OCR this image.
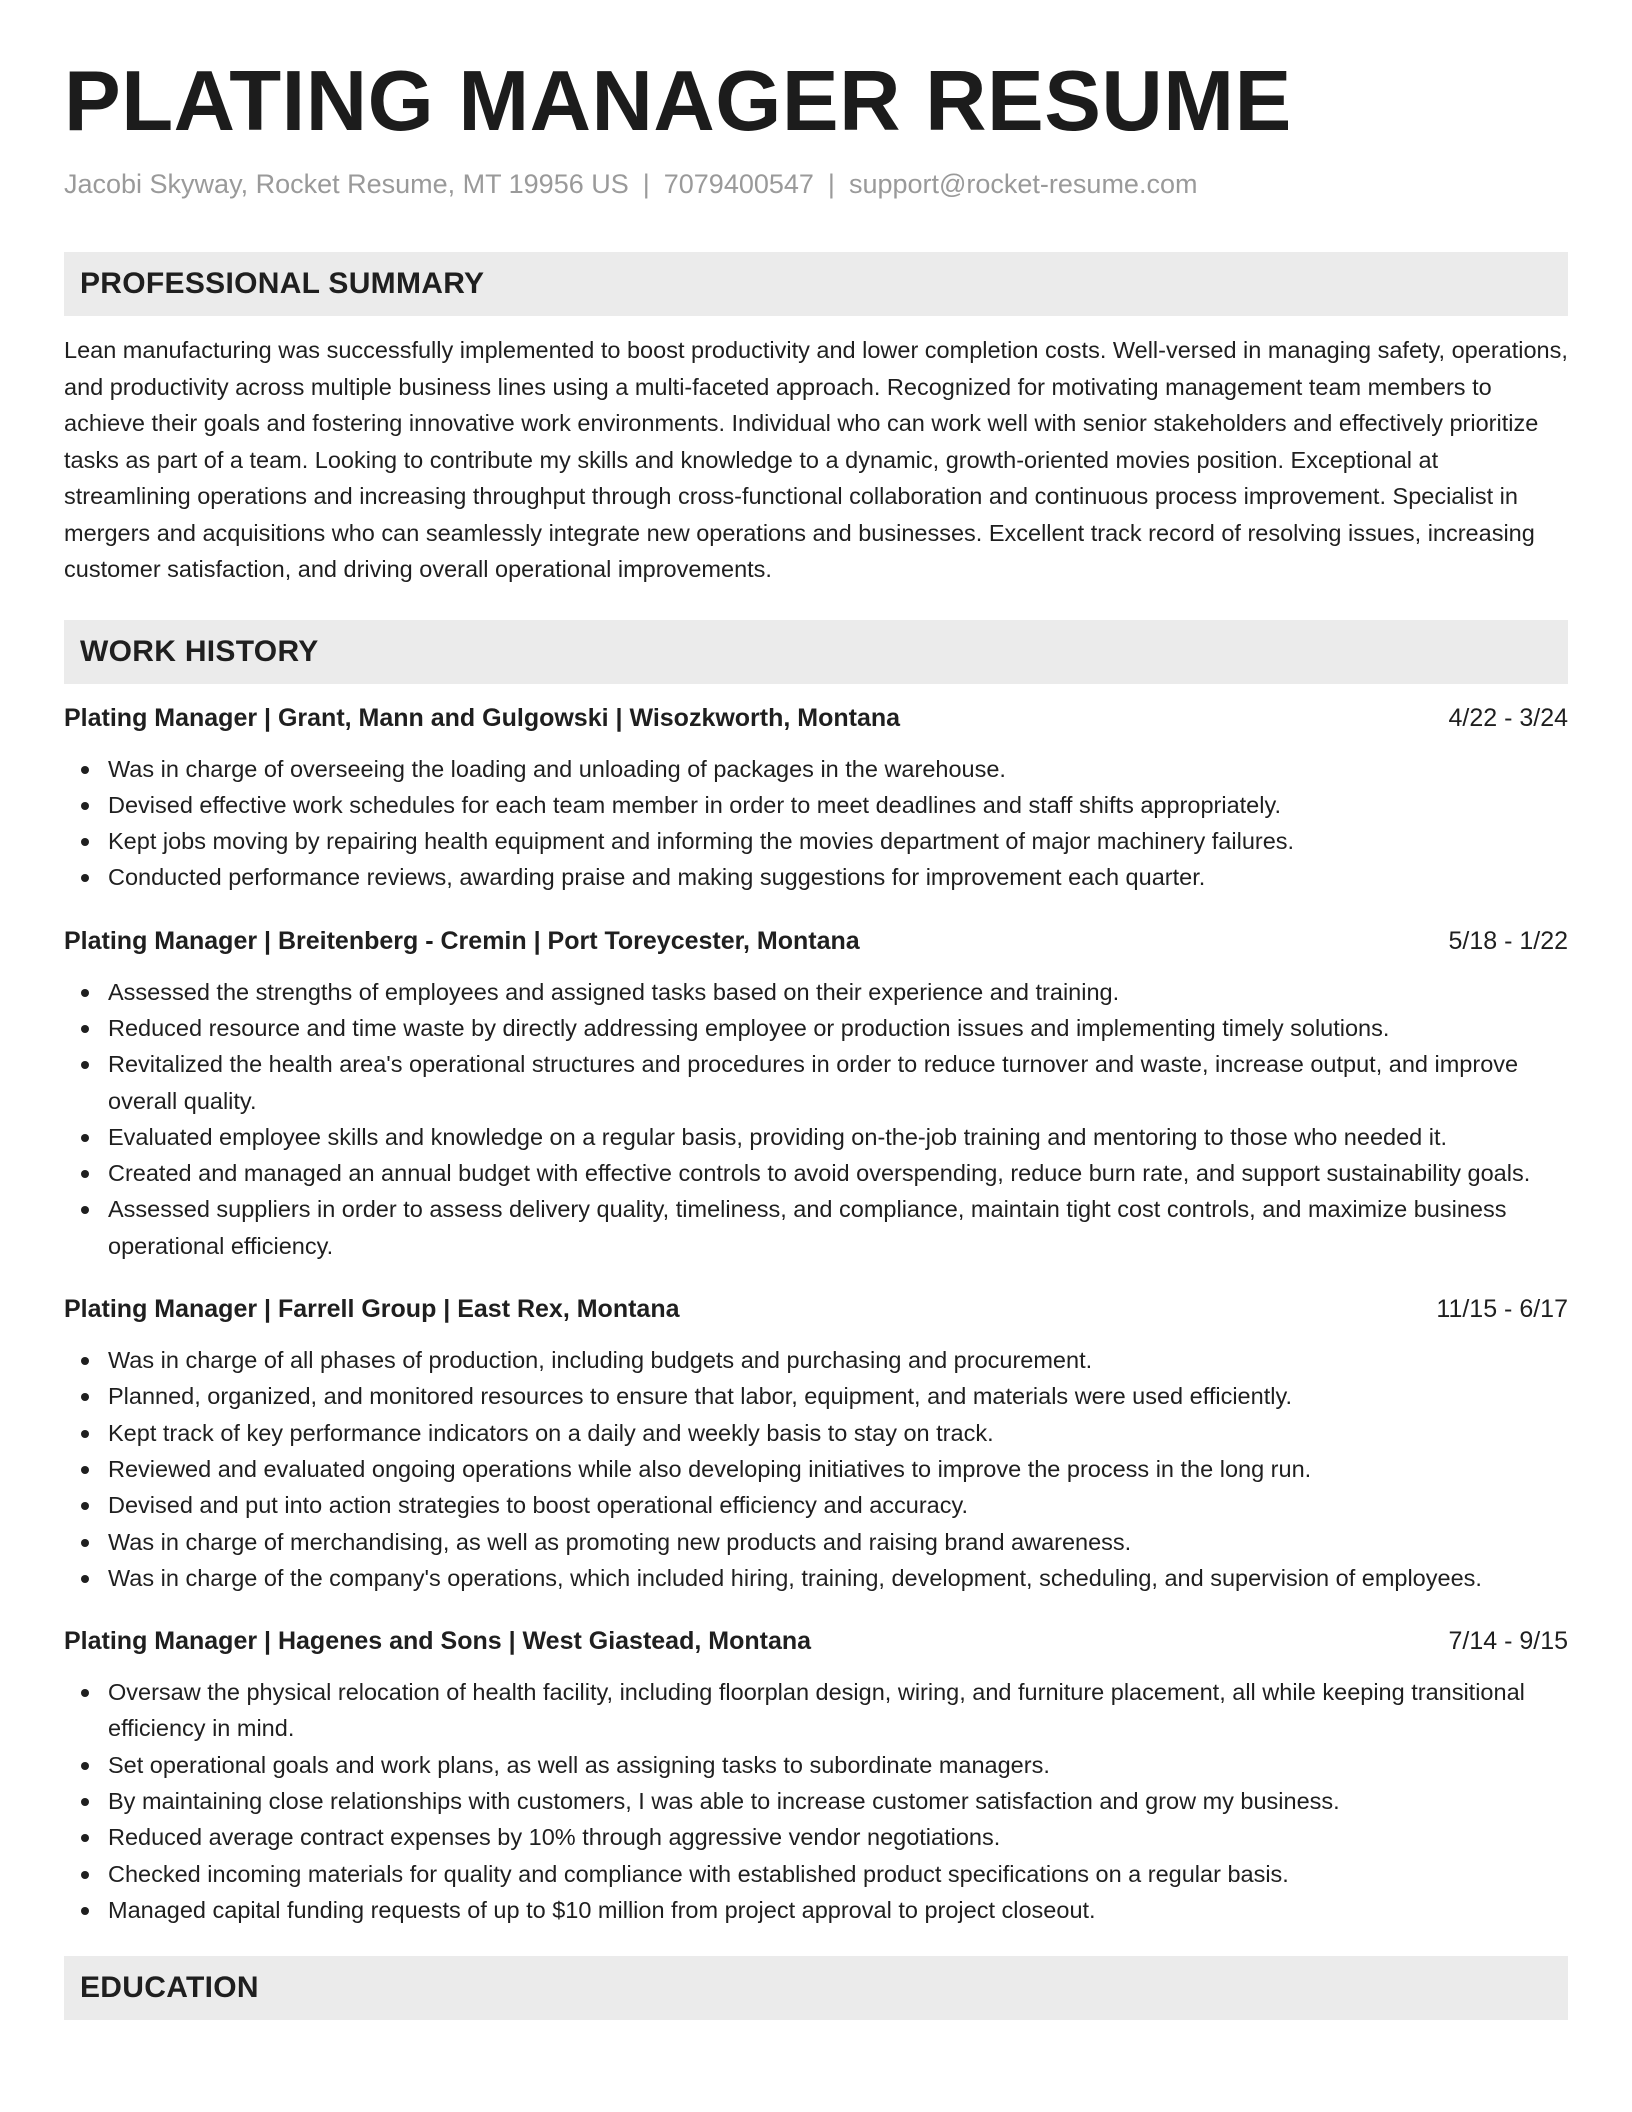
PLATING MANAGER RESUME
Jacobi Skyway, Rocket Resume, MT 19956 US | 7079400547 | support@rocket-resume.com
PROFESSIONAL SUMMARY

Lean manufacturing was successfully implemented to boost productivity and lower completion costs. Well-versed in managing safety, operations, and productivity across multiple business lines using a multi-faceted approach. Recognized for motivating management team members to achieve their goals and fostering innovative work environments. Individual who can work well with senior stakeholders and effectively prioritize tasks as part of a team. Looking to contribute my skills and knowledge to a dynamic, growth-oriented movies position. Exceptional at streamlining operations and increasing throughput through cross-functional collaboration and continuous process improvement. Specialist in mergers and acquisitions who can seamlessly integrate new operations and businesses. Excellent track record of resolving issues, increasing customer satisfaction, and driving overall operational improvements.

WORK HISTORY
Plating Manager | Grant, Mann and Gulgowski | Wisozkworth, Montana	4/22 - 3/24
Was in charge of overseeing the loading and unloading of packages in the warehouse.
Devised effective work schedules for each team member in order to meet deadlines and staff shifts appropriately.
Kept jobs moving by repairing health equipment and informing the movies department of major machinery failures.
Conducted performance reviews, awarding praise and making suggestions for improvement each quarter.
Plating Manager | Breitenberg - Cremin | Port Toreycester, Montana	5/18 - 1/22
Assessed the strengths of employees and assigned tasks based on their experience and training.
Reduced resource and time waste by directly addressing employee or production issues and implementing timely solutions.
Revitalized the health area's operational structures and procedures in order to reduce turnover and waste, increase output, and improve overall quality.
Evaluated employee skills and knowledge on a regular basis, providing on-the-job training and mentoring to those who needed it.
Created and managed an annual budget with effective controls to avoid overspending, reduce burn rate, and support sustainability goals.
Assessed suppliers in order to assess delivery quality, timeliness, and compliance, maintain tight cost controls, and maximize business operational efficiency.
Plating Manager | Farrell Group | East Rex, Montana	11/15 - 6/17
Was in charge of all phases of production, including budgets and purchasing and procurement.
Planned, organized, and monitored resources to ensure that labor, equipment, and materials were used efficiently.
Kept track of key performance indicators on a daily and weekly basis to stay on track.
Reviewed and evaluated ongoing operations while also developing initiatives to improve the process in the long run.
Devised and put into action strategies to boost operational efficiency and accuracy.
Was in charge of merchandising, as well as promoting new products and raising brand awareness.
Was in charge of the company's operations, which included hiring, training, development, scheduling, and supervision of employees.
Plating Manager | Hagenes and Sons | West Giastead, Montana	7/14 - 9/15
Oversaw the physical relocation of health facility, including floorplan design, wiring, and furniture placement, all while keeping transitional efficiency in mind.
Set operational goals and work plans, as well as assigning tasks to subordinate managers.
By maintaining close relationships with customers, I was able to increase customer satisfaction and grow my business.
Reduced average contract expenses by 10% through aggressive vendor negotiations.
Checked incoming materials for quality and compliance with established product specifications on a regular basis.
Managed capital funding requests of up to $10 million from project approval to project closeout.
EDUCATION
